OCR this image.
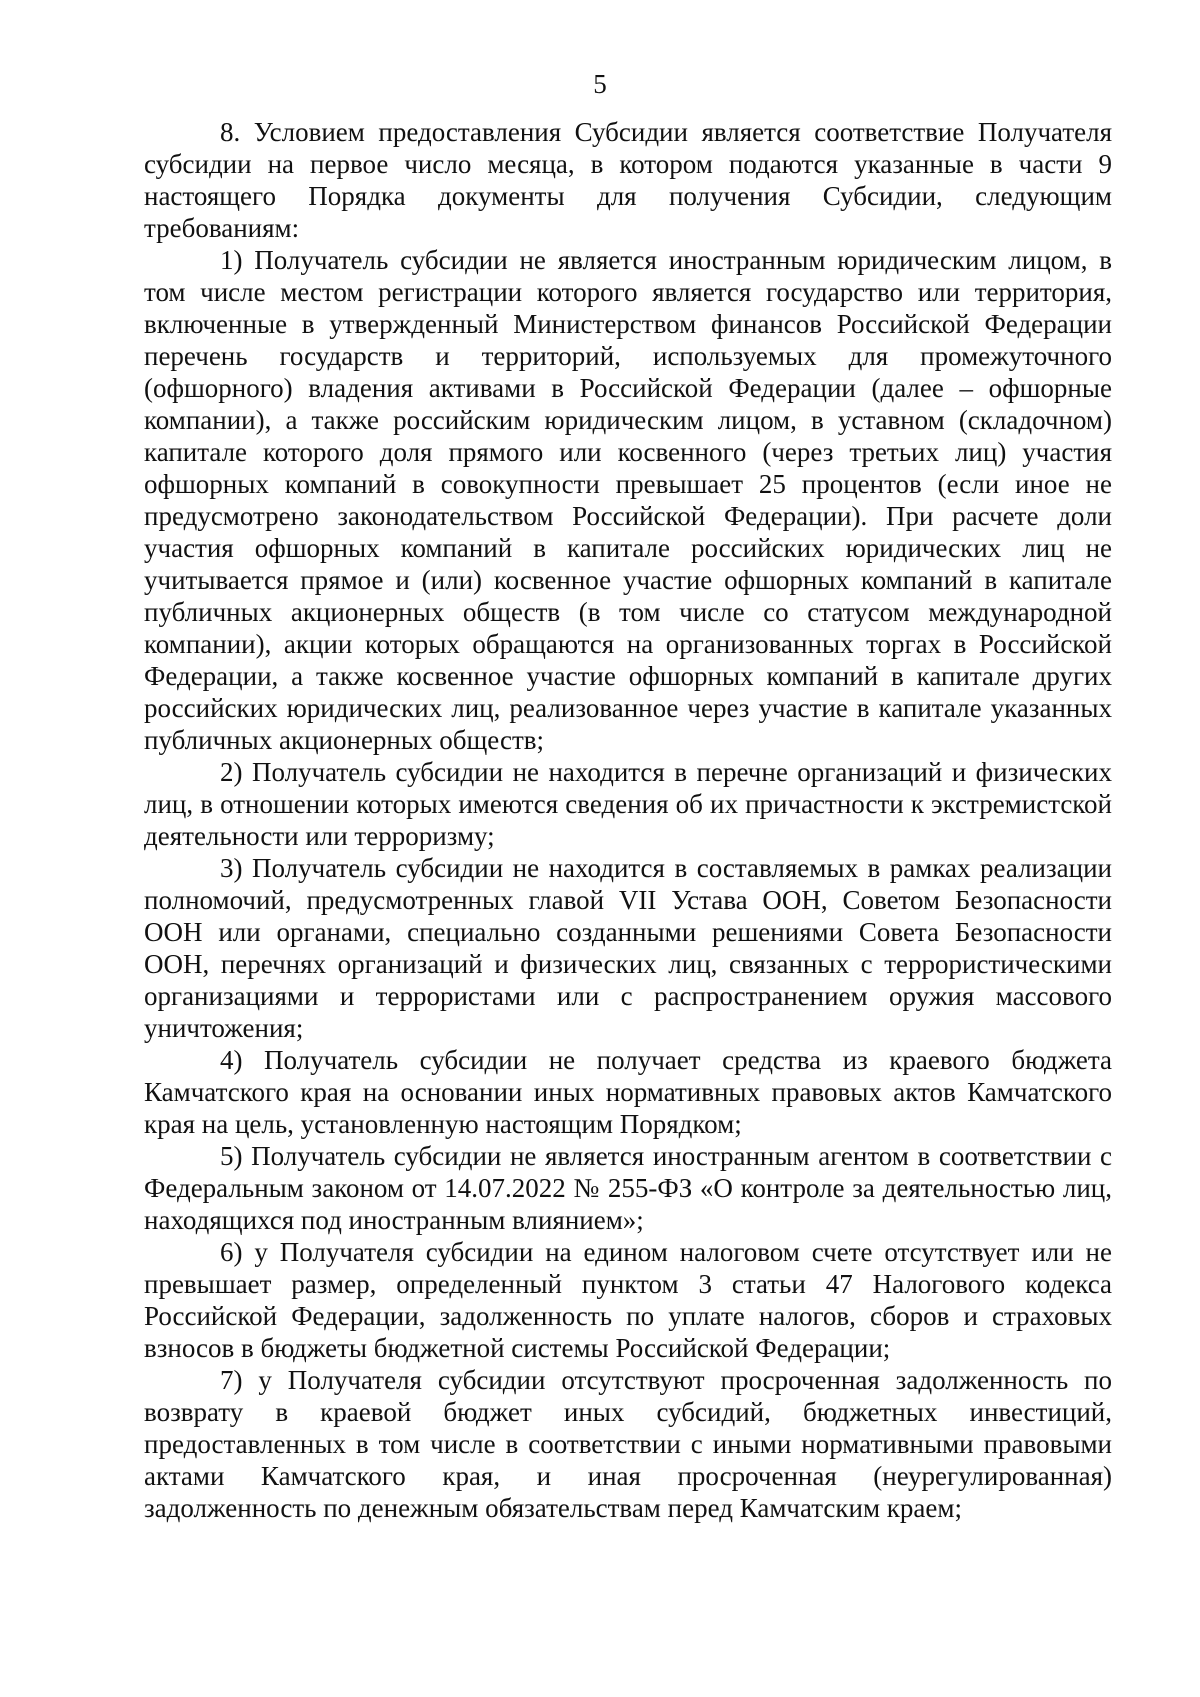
5

8. Условием предоставления Субсидии является соответствие Получателя субсидии на первое число месяца, в котором подаются указанные в части 9 настоящего Порядка документы для получения Субсидии, следующим требованиям:

1) Получатель субсидии не является иностранным юридическим лицом, в том числе местом регистрации которого является государство или территория, включенные в утвержденный Министерством финансов Российской Федерации перечень государств и территорий, используемых для промежуточного (офшорного) владения активами в Российской Федерации (далее – офшорные компании), а также российским юридическим лицом, в уставном (складочном) капитале которого доля прямого или косвенного (через третьих лиц) участия офшорных компаний в совокупности превышает 25 процентов (если иное не предусмотрено законодательством Российской Федерации). При расчете доли участия офшорных компаний в капитале российских юридических лиц не учитывается прямое и (или) косвенное участие офшорных компаний в капитале публичных акционерных обществ (в том числе со статусом международной компании), акции которых обращаются на организованных торгах в Российской Федерации, а также косвенное участие офшорных компаний в капитале других российских юридических лиц, реализованное через участие в капитале указанных публичных акционерных обществ;

2) Получатель субсидии не находится в перечне организаций и физических лиц, в отношении которых имеются сведения об их причастности к экстремистской деятельности или терроризму;

3) Получатель субсидии не находится в составляемых в рамках реализации полномочий, предусмотренных главой VII Устава ООН, Советом Безопасности ООН или органами, специально созданными решениями Совета Безопасности ООН, перечнях организаций и физических лиц, связанных с террористическими организациями и террористами или с распространением оружия массового уничтожения;

4) Получатель субсидии не получает средства из краевого бюджета Камчатского края на основании иных нормативных правовых актов Камчатского края на цель, установленную настоящим Порядком;

5) Получатель субсидии не является иностранным агентом в соответствии с Федеральным законом от 14.07.2022 № 255-ФЗ «О контроле за деятельностью лиц, находящихся под иностранным влиянием»;

6) у Получателя субсидии на едином налоговом счете отсутствует или не превышает размер, определенный пунктом 3 статьи 47 Налогового кодекса Российской Федерации, задолженность по уплате налогов, сборов и страховых взносов в бюджеты бюджетной системы Российской Федерации;

7) у Получателя субсидии отсутствуют просроченная задолженность по возврату в краевой бюджет иных субсидий, бюджетных инвестиций, предоставленных в том числе в соответствии с иными нормативными правовыми актами Камчатского края, и иная просроченная (неурегулированная) задолженность по денежным обязательствам перед Камчатским краем;
